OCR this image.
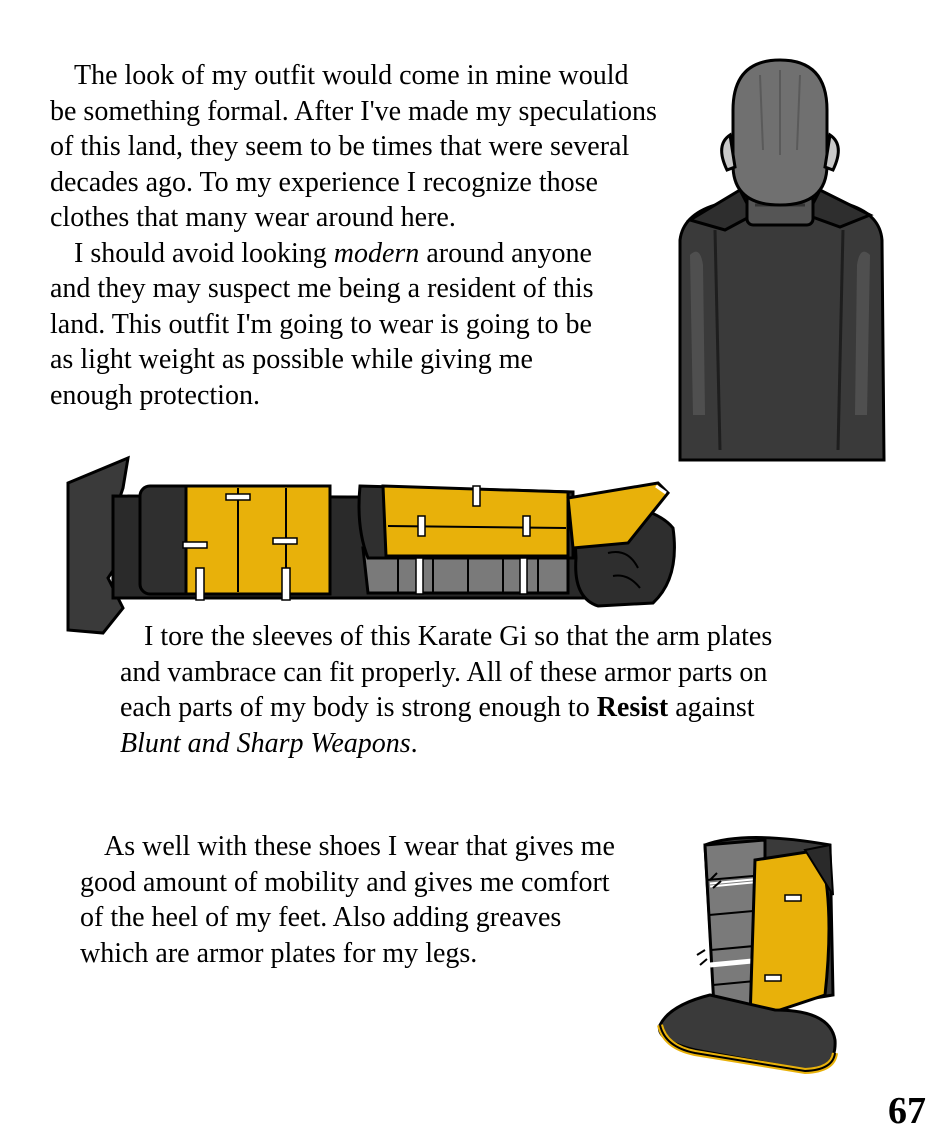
The look of my outfit would come in mine would

be something formal. After I've made my speculations

of this land, they seem to be times that were several

decades ago. To my experience I recognize those

clothes that many wear around here.

I should avoid looking modern around anyone

and they may suspect me being a resident of this

land. This outfit I'm going to wear is going to be

as light weight as possible while giving me

enough protection.

I tore the sleeves of this Karate Gi so that the arm plates

and vambrace can fit properly. All of these armor parts on

each parts of my body is strong enough to Resist against

Blunt and Sharp Weapons.

As well with these shoes I wear that gives me

good amount of mobility and gives me comfort

of the heel of my feet. Also adding greaves

which are armor plates for my legs.

67
